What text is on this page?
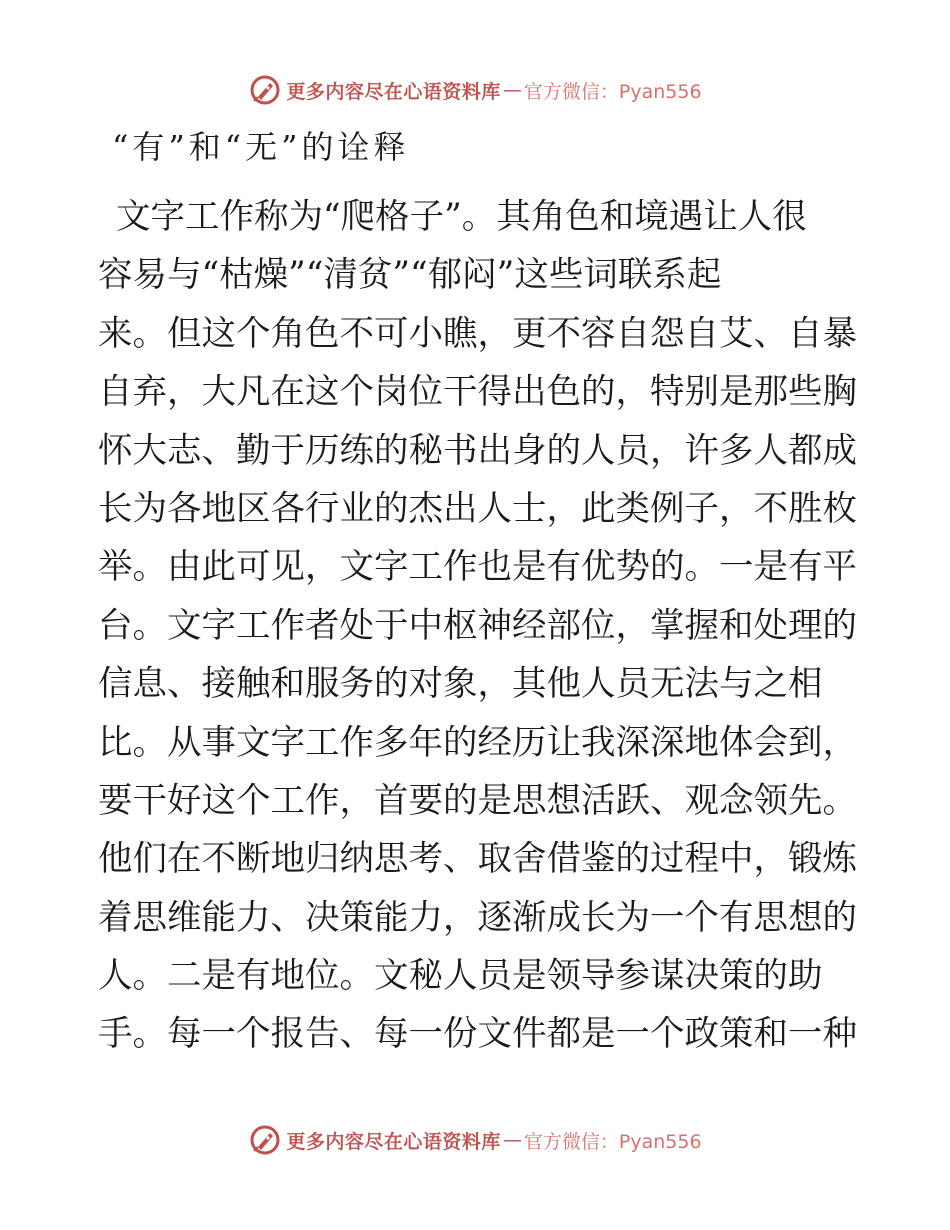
更多内容尽在心语资料库 — 官方微信：Pyan556
“有”和“无”的诠释
文字工作称为“爬格子”。其角色和境遇让人很
容易与“枯燥”“清贫”“郁闷”这些词联系起
来。但这个角色不可小瞧，更不容自怨自艾、自暴
自弃，大凡在这个岗位干得出色的，特别是那些胸
怀大志、勤于历练的秘书出身的人员，许多人都成
长为各地区各行业的杰出人士，此类例子，不胜枚
举。由此可见，文字工作也是有优势的。一是有平
台。文字工作者处于中枢神经部位，掌握和处理的
信息、接触和服务的对象，其他人员无法与之相
比。从事文字工作多年的经历让我深深地体会到，
要干好这个工作，首要的是思想活跃、观念领先。
他们在不断地归纳思考、取舍借鉴的过程中，锻炼
着思维能力、决策能力，逐渐成长为一个有思想的
人。二是有地位。文秘人员是领导参谋决策的助
手。每一个报告、每一份文件都是一个政策和一种
更多内容尽在心语资料库 — 官方微信：Pyan556
